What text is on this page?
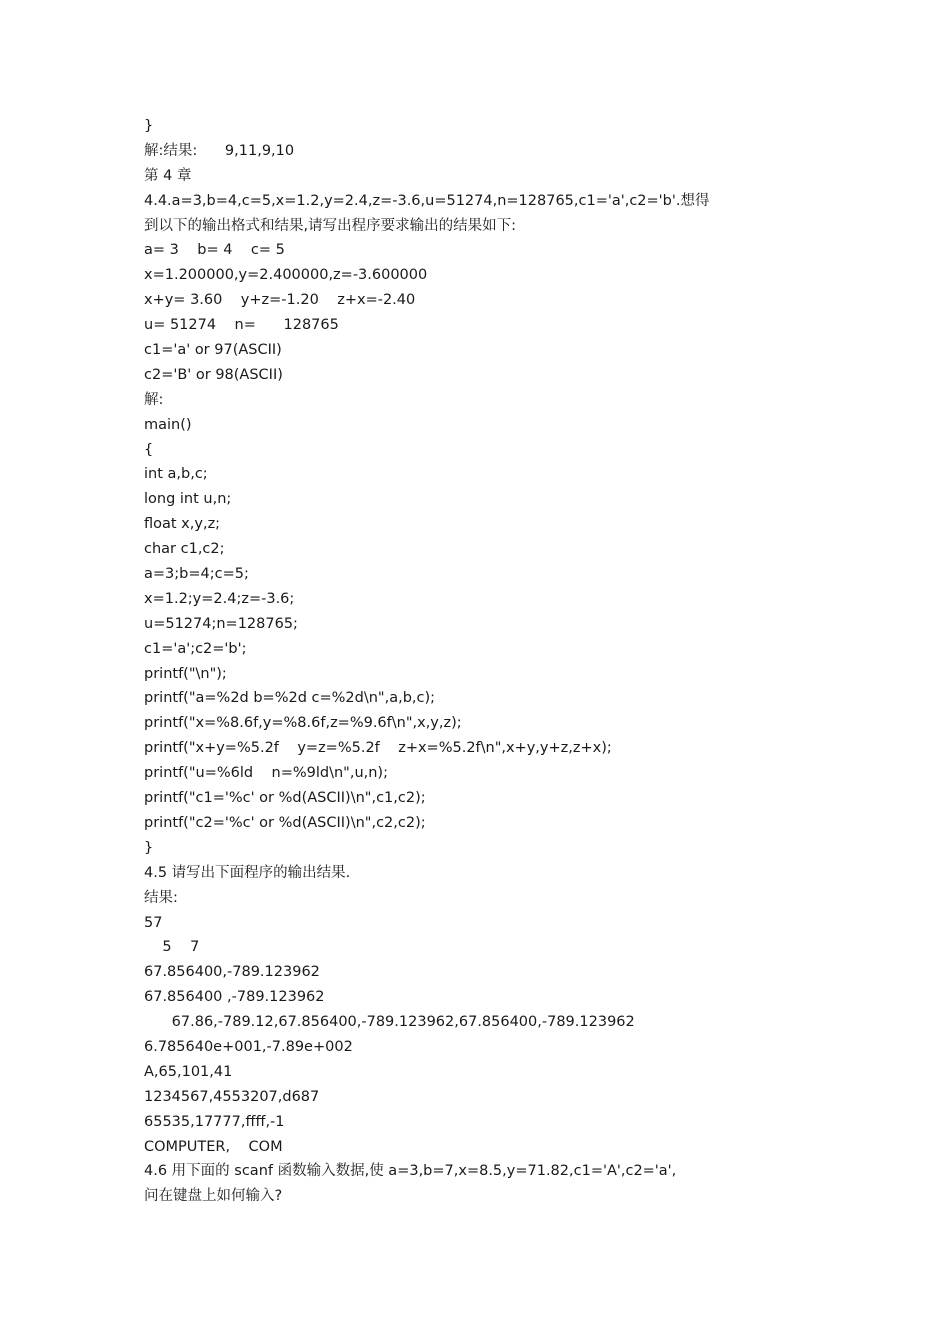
}
解:结果:      9,11,9,10
第 4 章
4.4.a=3,b=4,c=5,x=1.2,y=2.4,z=-3.6,u=51274,n=128765,c1='a',c2='b'.想得
到以下的输出格式和结果,请写出程序要求输出的结果如下:
a= 3    b= 4    c= 5
x=1.200000,y=2.400000,z=-3.600000
x+y= 3.60    y+z=-1.20    z+x=-2.40
u= 51274    n=      128765
c1='a' or 97(ASCII)
c2='B' or 98(ASCII)
解:
main()
{
int a,b,c;
long int u,n;
float x,y,z;
char c1,c2;
a=3;b=4;c=5;
x=1.2;y=2.4;z=-3.6;
u=51274;n=128765;
c1='a';c2='b';
printf("\n");
printf("a=%2d b=%2d c=%2d\n",a,b,c);
printf("x=%8.6f,y=%8.6f,z=%9.6f\n",x,y,z);
printf("x+y=%5.2f    y=z=%5.2f    z+x=%5.2f\n",x+y,y+z,z+x);
printf("u=%6ld    n=%9ld\n",u,n);
printf("c1='%c' or %d(ASCII)\n",c1,c2);
printf("c2='%c' or %d(ASCII)\n",c2,c2);
}
4.5 请写出下面程序的输出结果.
结果:
57
5    7
67.856400,-789.123962
67.856400 ,-789.123962
67.86,-789.12,67.856400,-789.123962,67.856400,-789.123962
6.785640e+001,-7.89e+002
A,65,101,41
1234567,4553207,d687
65535,17777,ffff,-1
COMPUTER,    COM
4.6 用下面的 scanf 函数输入数据,使 a=3,b=7,x=8.5,y=71.82,c1='A',c2='a',
问在键盘上如何输入?
